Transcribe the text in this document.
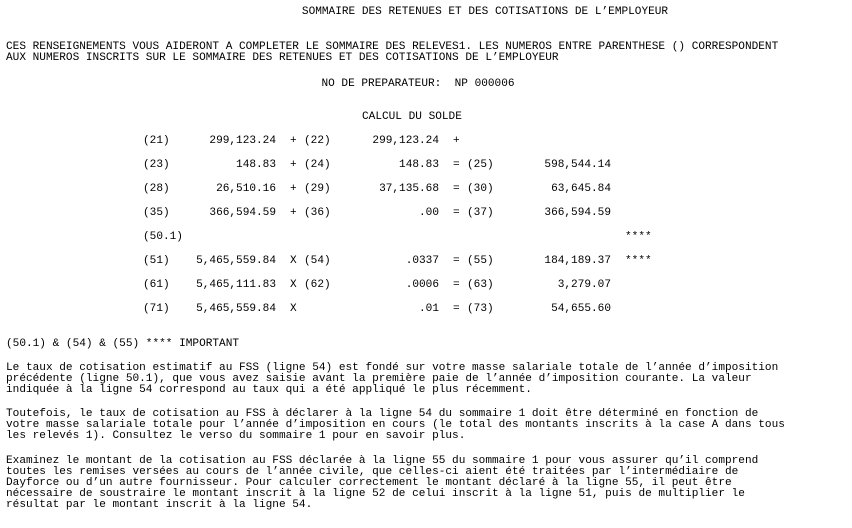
SOMMAIRE DES RETENUES ET DES COTISATIONS DE L’EMPLOYEUR
CES RENSEIGNEMENTS VOUS AIDERONT A COMPLETER LE SOMMAIRE DES RELEVES1. LES NUMEROS ENTRE PARENTHESE () CORRESPONDENT
AUX NUMEROS INSCRITS SUR LE SOMMAIRE DES RETENUES ET DES COTISATIONS DE L’EMPLOYEUR
NO DE PREPARATEUR:  NP 000006
CALCUL DU SOLDE
(21)	299,123.24 + (22)	299,123.24 +
(23)	148.83 + (24)	148.83 = (25)	598,544.14
(28)	26,510.16 + (29)	37,135.68 = (30)	63,645.84
(35)	366,594.59 + (36)	.00 = (37)	366,594.59
(50.1)	****
(51) 5,465,559.84 X (54)	.0337 = (55)	184,189.37 ****
(61) 5,465,111.83 X (62)	.0006 = (63)	3,279.07
(71) 5,465,559.84 X	.01 = (73)	54,655.60
(50.1) & (54) & (55) **** IMPORTANT
Le taux de cotisation estimatif au FSS (ligne 54) est fondé sur votre masse salariale totale de l’année d’imposition
précédente (ligne 50.1), que vous avez saisie avant la première paie de l’année d’imposition courante. La valeur
indiquée à la ligne 54 correspond au taux qui a été appliqué le plus récemment.
Toutefois, le taux de cotisation au FSS à déclarer à la ligne 54 du sommaire 1 doit être déterminé en fonction de
votre masse salariale totale pour l’année d’imposition en cours (le total des montants inscrits à la case A dans tous
les relevés 1). Consultez le verso du sommaire 1 pour en savoir plus.
Examinez le montant de la cotisation au FSS déclarée à la ligne 55 du sommaire 1 pour vous assurer qu’il comprend
toutes les remises versées au cours de l’année civile, que celles-ci aient été traitées par l’intermédiaire de
Dayforce ou d’un autre fournisseur. Pour calculer correctement le montant déclaré à la ligne 55, il peut être
nécessaire de soustraire le montant inscrit à la ligne 52 de celui inscrit à la ligne 51, puis de multiplier le
résultat par le montant inscrit à la ligne 54.
